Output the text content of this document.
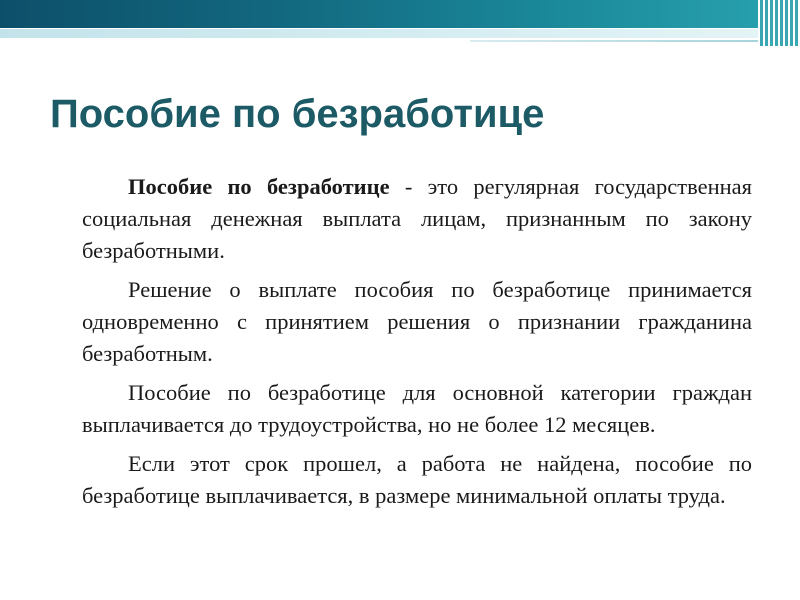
Пособие по безработице

Пособие по безработице - это регулярная государственная социальная денежная выплата лицам, признанным по закону безработными.

Решение о выплате пособия по безработице принимается одновременно с принятием решения о признании гражданина безработным.

Пособие по безработице для основной категории граждан выплачивается до трудоустройства, но не более 12 месяцев.

Если этот срок прошел, а работа не найдена, пособие по безработице выплачивается, в размере минимальной оплаты труда.
